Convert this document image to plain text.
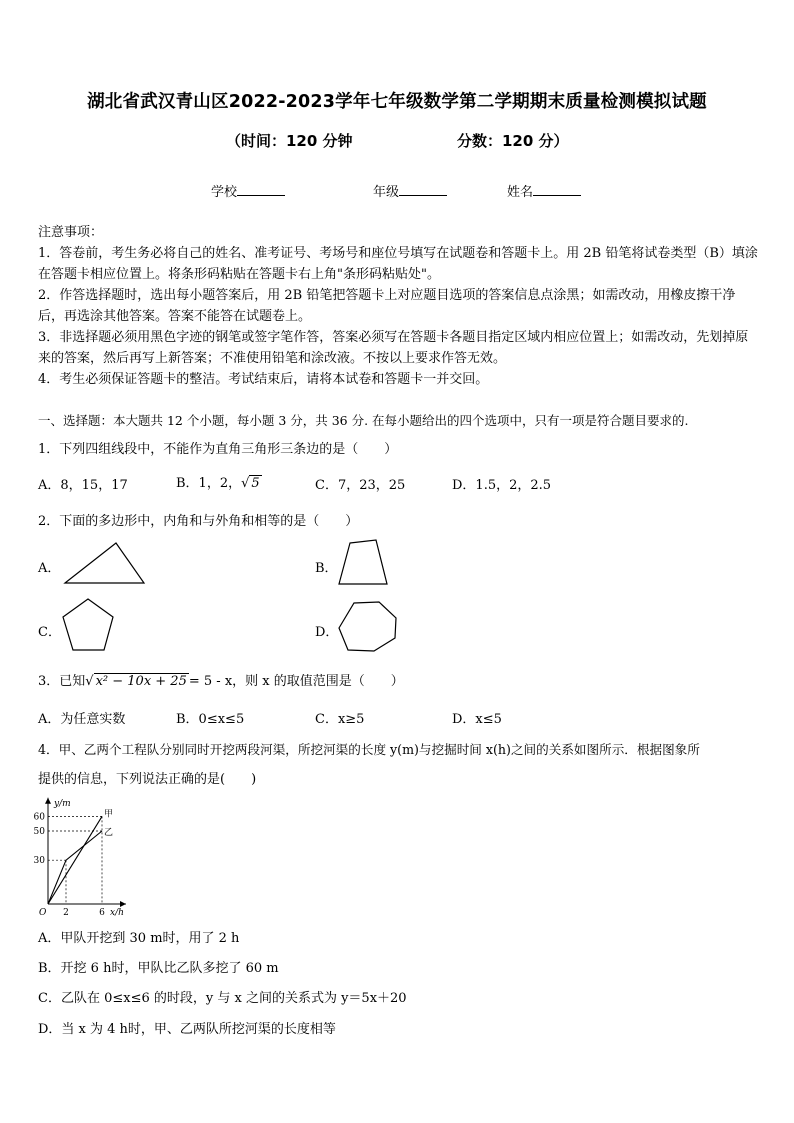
湖北省武汉青山区2022-2023学年七年级数学第二学期期末质量检测模拟试题
（时间：120 分钟	分数：120 分）
学校	年级	姓名

注意事项：

1．答卷前，考生务必将自己的姓名、准考证号、考场号和座位号填写在试题卷和答题卡上。用 2B 铅笔将试卷类型（B）填涂在答题卡相应位置上。将条形码粘贴在答题卡右上角"条形码粘贴处"。

2．作答选择题时，选出每小题答案后，用 2B 铅笔把答题卡上对应题目选项的答案信息点涂黑；如需改动，用橡皮擦干净后，再选涂其他答案。答案不能答在试题卷上。

3．非选择题必须用黑色字迹的钢笔或签字笔作答，答案必须写在答题卡各题目指定区域内相应位置上；如需改动，先划掉原来的答案，然后再写上新答案；不准使用铅笔和涂改液。不按以上要求作答无效。

4．考生必须保证答题卡的整洁。考试结束后，请将本试卷和答题卡一并交回。

一、选择题：本大题共 12 个小题，每小题 3 分，共 36 分. 在每小题给出的四个选项中，只有一项是符合题目要求的.
1．下列四组线段中，不能作为直角三角形三条边的是（　　）
A．8，15，17	B．1，2，√ 5	C．7，23，25	D．1.5，2，2.5
2．下面的多边形中，内角和与外角和相等的是（　　）
A．	B．
C．	D．
3．已知√ x² − 10x + 25 = 5 - x，则 x 的取值范围是（　　）
A．为任意实数	B．0≤x≤5	C．x≥5	D．x≤5
4．甲、乙两个工程队分别同时开挖两段河渠，所挖河渠的长度 y(m)与挖掘时间 x(h)之间的关系如图所示．根据图象所
提供的信息，下列说法正确的是(　　)
y/m
x/h
O
30
50
60
2	6
甲
乙
A．甲队开挖到 30 m时，用了 2 h
B．开挖 6 h时，甲队比乙队多挖了 60 m
C．乙队在 0≤x≤6 的时段，y 与 x 之间的关系式为 y＝5x＋20
D．当 x 为 4 h时，甲、乙两队所挖河渠的长度相等
